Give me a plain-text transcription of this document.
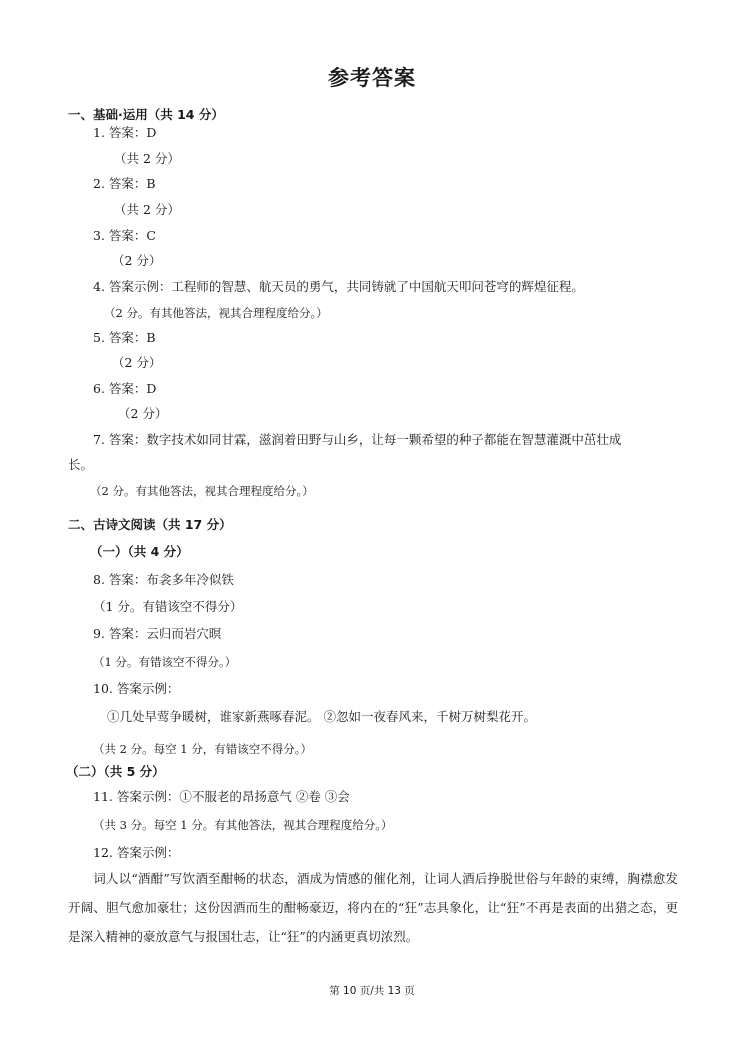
参考答案
一、基础·运用（共 14 分）
1. 答案：D
（共 2 分）
2. 答案：B
（共 2 分）
3. 答案：C
（2 分）
4. 答案示例：工程师的智慧、航天员的勇气，共同铸就了中国航天叩问苍穹的辉煌征程。
（2 分。有其他答法，视其合理程度给分。）
5. 答案：B
（2 分）
6. 答案：D
（2 分）
7. 答案：数字技术如同甘霖，滋润着田野与山乡，让每一颗希望的种子都能在智慧灌溉中茁壮成
长。
（2 分。有其他答法，视其合理程度给分。）
二、古诗文阅读（共 17 分）
（一）（共 4 分）
8. 答案：布衾多年冷似铁
（1 分。有错该空不得分）
9. 答案：云归而岩穴暝
（1 分。有错该空不得分。）
10. 答案示例：
①几处早莺争暖树，谁家新燕啄春泥。 ②忽如一夜春风来，千树万树梨花开。
（共 2 分。每空 1 分，有错该空不得分。）
（二）（共 5 分）
11. 答案示例：①不服老的昂扬意气 ②卷 ③会
（共 3 分。每空 1 分。有其他答法，视其合理程度给分。）
12. 答案示例：
词人以“酒酣”写饮酒至酣畅的状态，酒成为情感的催化剂，让词人酒后挣脱世俗与年龄的束缚，胸襟愈发开阔、胆气愈加豪壮；这份因酒而生的酣畅豪迈，将内在的“狂”志具象化，让“狂”不再是表面的出猎之态，更是深入精神的豪放意气与报国壮志，让“狂”的内涵更真切浓烈。
第 10 页/共 13 页
